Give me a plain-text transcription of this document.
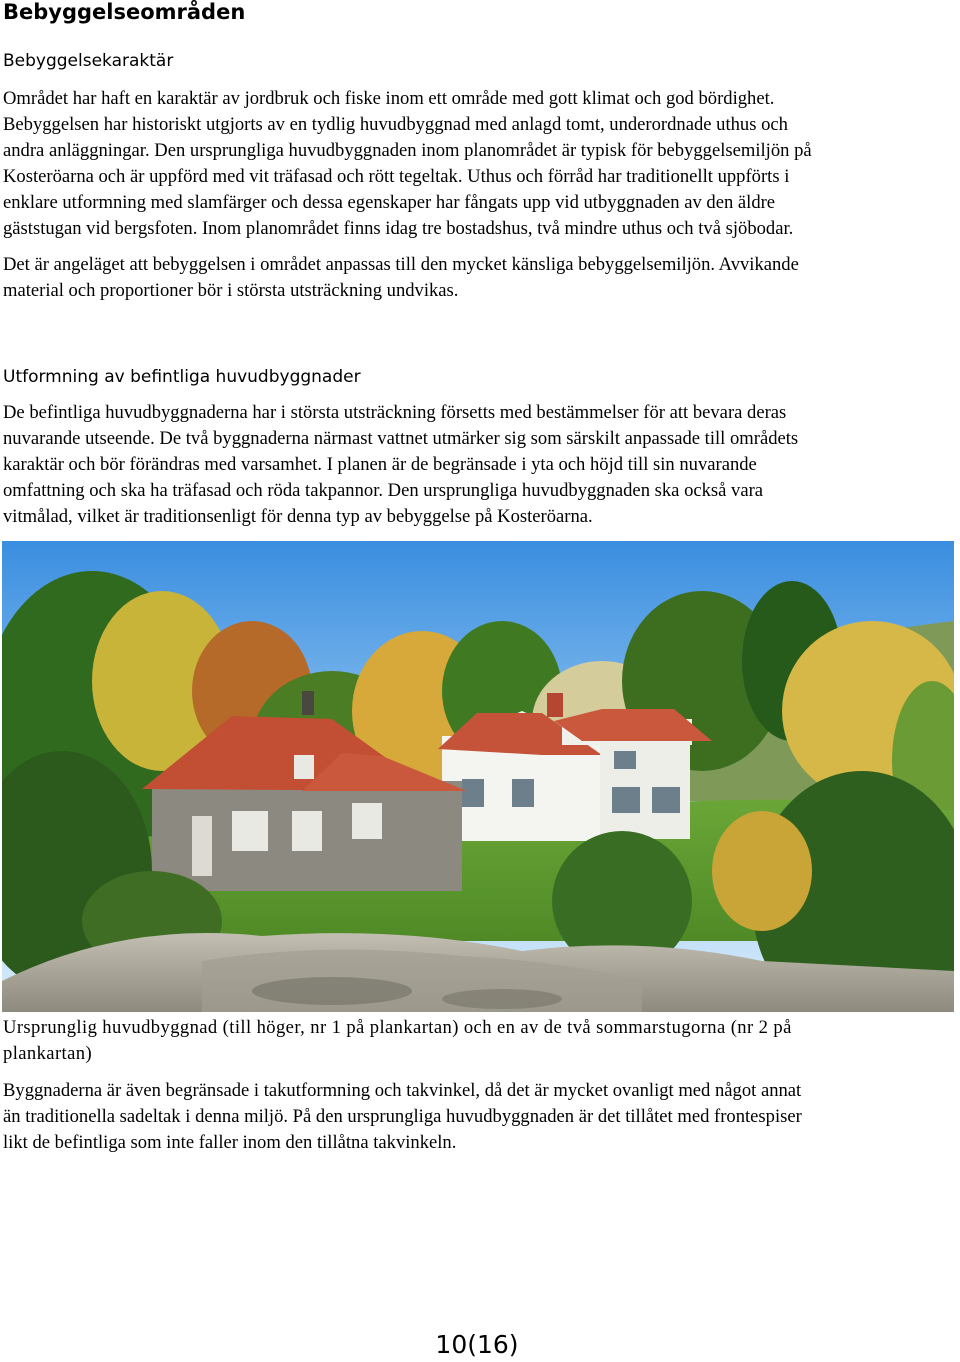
Bebyggelseområden
Bebyggelsekaraktär

Området har haft en karaktär av jordbruk och fiske inom ett område med gott klimat och god bördighet.
Bebyggelsen har historiskt utgjorts av en tydlig huvudbyggnad med anlagd tomt, underordnade uthus och
andra anläggningar. Den ursprungliga huvudbyggnaden inom planområdet är typisk för bebyggelsemiljön på
Kosteröarna och är uppförd med vit träfasad och rött tegeltak. Uthus och förråd har traditionellt uppförts i
enklare utformning med slamfärger och dessa egenskaper har fångats upp vid utbyggnaden av den äldre
gäststugan vid bergsfoten. Inom planområdet finns idag tre bostadshus, två mindre uthus och två sjöbodar.

Det är angeläget att bebyggelsen i området anpassas till den mycket känsliga bebyggelsemiljön. Avvikande
material och proportioner bör i största utsträckning undvikas.

Utformning av befintliga huvudbyggnader

De befintliga huvudbyggnaderna har i största utsträckning försetts med bestämmelser för att bevara deras
nuvarande utseende. De två byggnaderna närmast vattnet utmärker sig som särskilt anpassade till områdets
karaktär och bör förändras med varsamhet. I planen är de begränsade i yta och höjd till sin nuvarande
omfattning och ska ha träfasad och röda takpannor. Den ursprungliga huvudbyggnaden ska också vara
vitmålad, vilket är traditionsenligt för denna typ av bebyggelse på Kosteröarna.

Ursprunglig huvudbyggnad (till höger, nr 1 på plankartan) och en av de två sommarstugorna (nr 2 på
plankartan)

Byggnaderna är även begränsade i takutformning och takvinkel, då det är mycket ovanligt med något annat
än traditionella sadeltak i denna miljö. På den ursprungliga huvudbyggnaden är det tillåtet med frontespiser
likt de befintliga som inte faller inom den tillåtna takvinkeln.

10(16)
